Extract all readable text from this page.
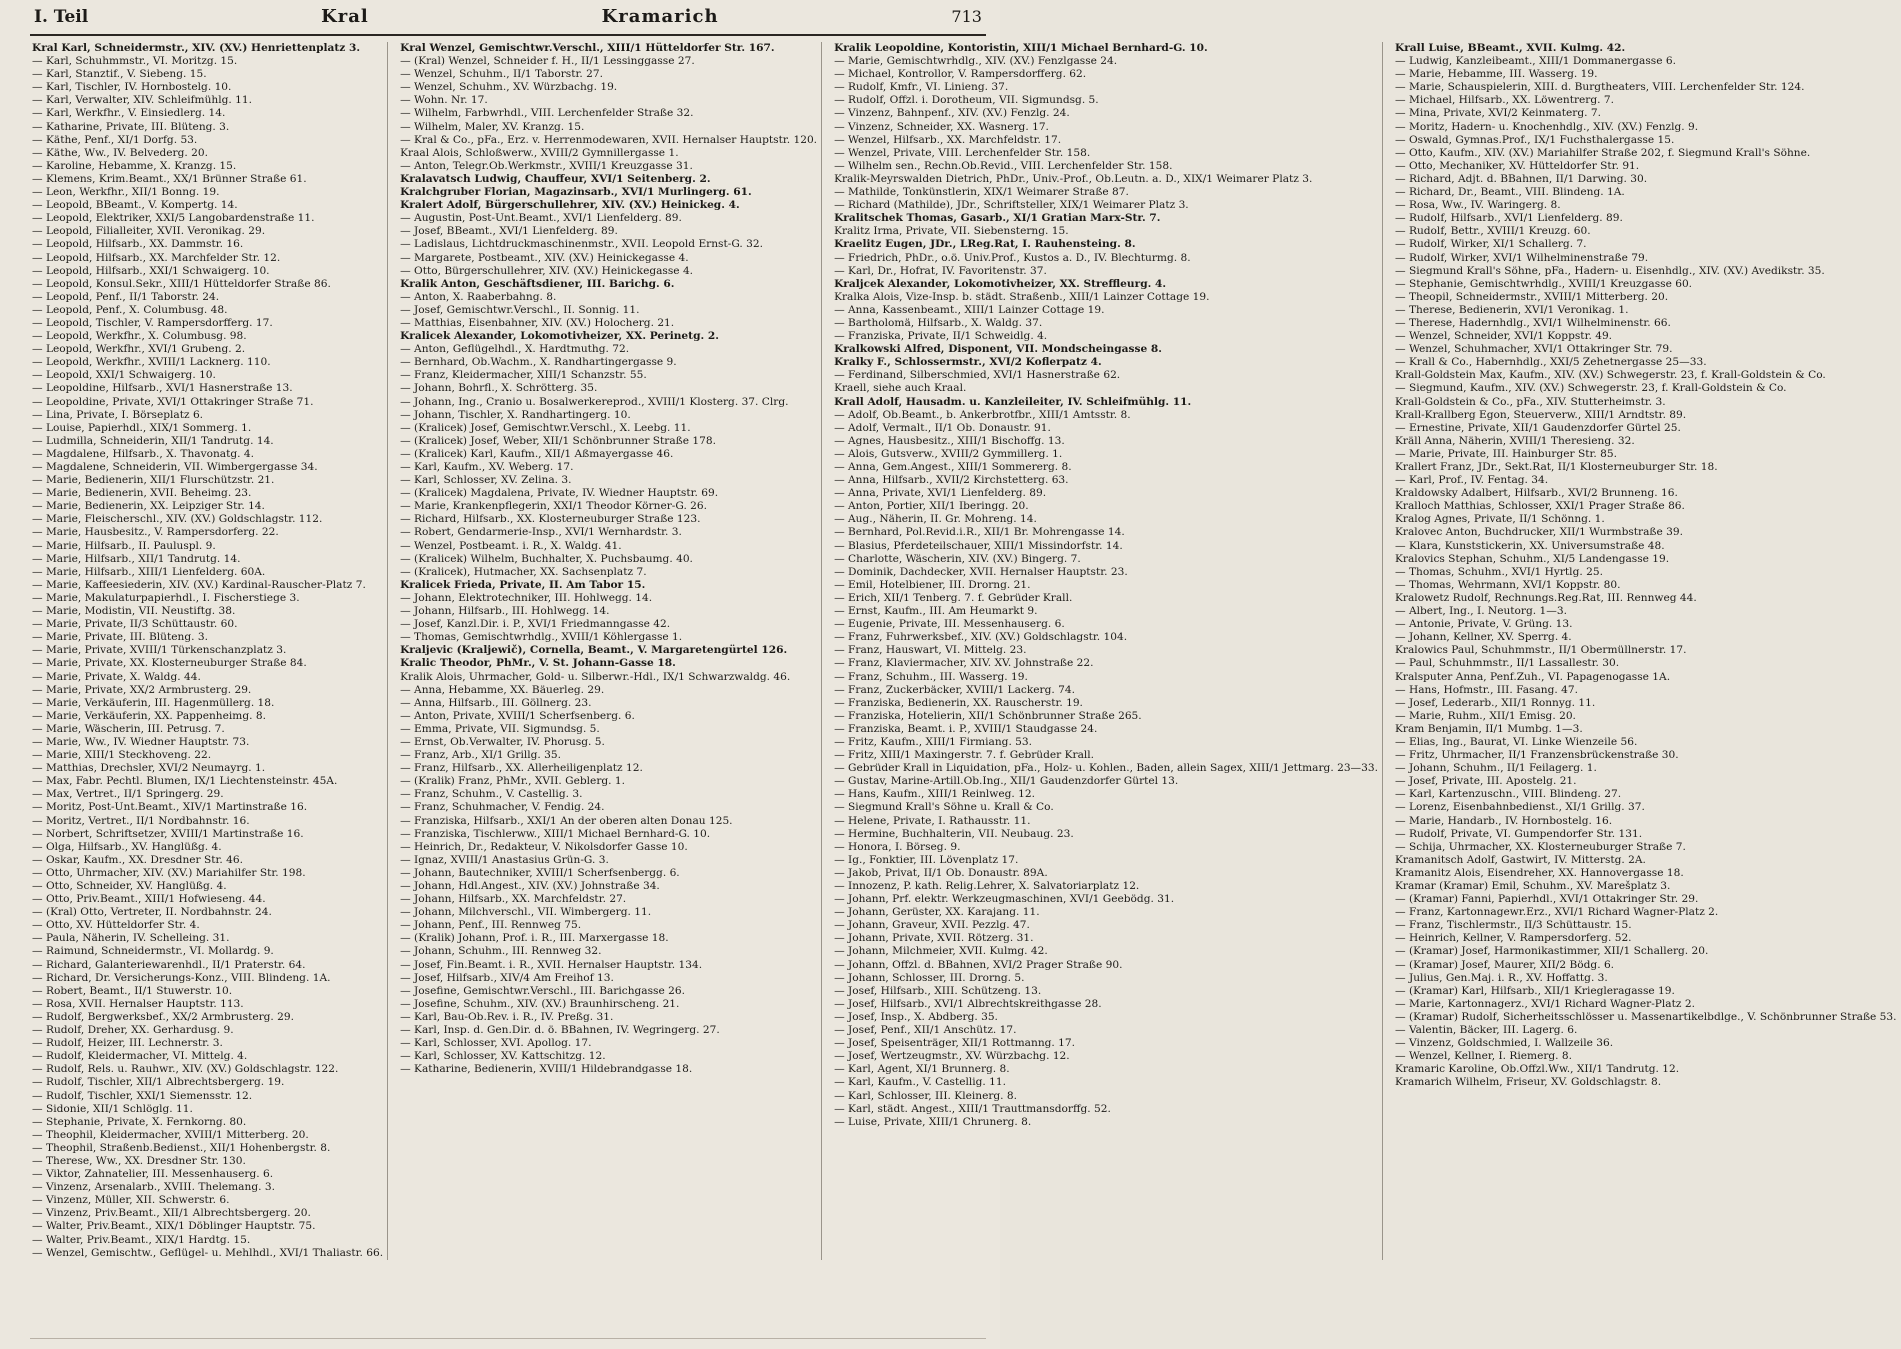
I. Teil	Kral	Kramarich	713
Kral Karl, Schneidermstr., XIV. (XV.) Henriettenplatz 3.
— Karl, Schuhmmstr., VI. Moritzg. 15.
— Karl, Stanztif., V. Siebeng. 15.
— Karl, Tischler, IV. Hornbostelg. 10.
— Karl, Verwalter, XIV. Schleifmühlg. 11.
— Karl, Werkfhr., V. Einsiedlerg. 14.
— Katharine, Private, III. Blüteng. 3.
— Käthe, Penf., XI/1 Dorfg. 53.
— Käthe, Ww., IV. Belvederg. 20.
— Karoline, Hebamme, X. Kranzg. 15.
— Klemens, Krim.Beamt., XX/1 Brünner Straße 61.
— Leon, Werkfhr., XII/1 Bonng. 19.
— Leopold, BBeamt., V. Kompertg. 14.
— Leopold, Elektriker, XXI/5 Langobardenstraße 11.
— Leopold, Filialleiter, XVII. Veronikag. 29.
— Leopold, Hilfsarb., XX. Dammstr. 16.
— Leopold, Hilfsarb., XX. Marchfelder Str. 12.
— Leopold, Hilfsarb., XXI/1 Schwaigerg. 10.
— Leopold, Konsul.Sekr., XIII/1 Hütteldorfer Straße 86.
— Leopold, Penf., II/1 Taborstr. 24.
— Leopold, Penf., X. Columbusg. 48.
— Leopold, Tischler, V. Rampersdorfferg. 17.
— Leopold, Werkfhr., X. Columbusg. 98.
— Leopold, Werkfhr., XVI/1 Grubeng. 2.
— Leopold, Werkfhr., XVIII/1 Lacknerg. 110.
— Leopold, XXI/1 Schwaigerg. 10.
— Leopoldine, Hilfsarb., XVI/1 Hasnerstraße 13.
— Leopoldine, Private, XVI/1 Ottakringer Straße 71.
— Lina, Private, I. Börseplatz 6.
— Louise, Papierhdl., XIX/1 Sommerg. 1.
— Ludmilla, Schneiderin, XII/1 Tandrutg. 14.
— Magdalene, Hilfsarb., X. Thavonatg. 4.
— Magdalene, Schneiderin, VII. Wimbergergasse 34.
— Marie, Bedienerin, XII/1 Flurschützstr. 21.
— Marie, Bedienerin, XVII. Beheimg. 23.
— Marie, Bedienerin, XX. Leipziger Str. 14.
— Marie, Fleischerschl., XIV. (XV.) Goldschlagstr. 112.
— Marie, Hausbesitz., V. Rampersdorferg. 22.
— Marie, Hilfsarb., II. Pauluspl. 9.
— Marie, Hilfsarb., XII/1 Tandrutg. 14.
— Marie, Hilfsarb., XIII/1 Lienfelderg. 60A.
— Marie, Kaffeesiederin, XIV. (XV.) Kardinal-Rauscher-Platz 7.
— Marie, Makulaturpapierhdl., I. Fischerstiege 3.
— Marie, Modistin, VII. Neustiftg. 38.
— Marie, Private, II/3 Schüttaustr. 60.
— Marie, Private, III. Blüteng. 3.
— Marie, Private, XVIII/1 Türkenschanzplatz 3.
— Marie, Private, XX. Klosterneuburger Straße 84.
— Marie, Private, X. Waldg. 44.
— Marie, Private, XX/2 Armbrusterg. 29.
— Marie, Verkäuferin, III. Hagenmüllerg. 18.
— Marie, Verkäuferin, XX. Pappenheimg. 8.
— Marie, Wäscherin, III. Petrusg. 7.
— Marie, Ww., IV. Wiedner Hauptstr. 73.
— Marie, XIII/1 Steckhoveng. 22.
— Matthias, Drechsler, XVI/2 Neumayrg. 1.
— Max, Fabr. Pechtl. Blumen, IX/1 Liechtensteinstr. 45A.
— Max, Vertret., II/1 Springerg. 29.
— Moritz, Post-Unt.Beamt., XIV/1 Martinstraße 16.
— Moritz, Vertret., II/1 Nordbahnstr. 16.
— Norbert, Schriftsetzer, XVIII/1 Martinstraße 16.
— Olga, Hilfsarb., XV. Hanglüßg. 4.
— Oskar, Kaufm., XX. Dresdner Str. 46.
— Otto, Uhrmacher, XIV. (XV.) Mariahilfer Str. 198.
— Otto, Schneider, XV. Hanglüßg. 4.
— Otto, Priv.Beamt., XIII/1 Hofwieseng. 44.
— (Kral) Otto, Vertreter, II. Nordbahnstr. 24.
— Otto, XV. Hütteldorfer Str. 4.
— Paula, Näherin, IV. Schelleing. 31.
— Raimund, Schneidermstr., VI. Mollardg. 9.
— Richard, Galanteriewarenhdl., II/1 Praterstr. 64.
— Richard, Dr. Versicherungs-Konz., VIII. Blindeng. 1A.
— Robert, Beamt., II/1 Stuwerstr. 10.
— Rosa, XVII. Hernalser Hauptstr. 113.
— Rudolf, Bergwerksbef., XX/2 Armbrusterg. 29.
— Rudolf, Dreher, XX. Gerhardusg. 9.
— Rudolf, Heizer, III. Lechnerstr. 3.
— Rudolf, Kleidermacher, VI. Mittelg. 4.
— Rudolf, Rels. u. Rauhwr., XIV. (XV.) Goldschlagstr. 122.
— Rudolf, Tischler, XII/1 Albrechtsbergerg. 19.
— Rudolf, Tischler, XXI/1 Siemensstr. 12.
— Sidonie, XII/1 Schlöglg. 11.
— Stephanie, Private, X. Fernkorng. 80.
— Theophil, Kleidermacher, XVIII/1 Mitterberg. 20.
— Theophil, Straßenb.Bedienst., XII/1 Hohenbergstr. 8.
— Therese, Ww., XX. Dresdner Str. 130.
— Viktor, Zahnatelier, III. Messenhauserg. 6.
— Vinzenz, Arsenalarb., XVIII. Thelemang. 3.
— Vinzenz, Müller, XII. Schwerstr. 6.
— Vinzenz, Priv.Beamt., XII/1 Albrechtsbergerg. 20.
— Walter, Priv.Beamt., XIX/1 Döblinger Hauptstr. 75.
— Walter, Priv.Beamt., XIX/1 Hardtg. 15.
— Wenzel, Gemischtw., Geflügel- u. Mehlhdl., XVI/1 Thaliastr. 66.
Kral Wenzel, Gemischtwr.Verschl., XIII/1 Hütteldorfer Str. 167.
— (Kral) Wenzel, Schneider f. H., II/1 Lessinggasse 27.
— Wenzel, Schuhm., II/1 Taborstr. 27.
— Wenzel, Schuhm., XV. Würzbachg. 19.
— Wohn. Nr. 17.
— Wilhelm, Farbwrhdl., VIII. Lerchenfelder Straße 32.
— Wilhelm, Maler, XV. Kranzg. 15.
— Kral & Co., pFa., Erz. v. Herrenmodewaren, XVII. Hernalser Hauptstr. 120.
Kraal Alois, Schloßwerw., XVIII/2 Gymnillergasse 1.
— Anton, Telegr.Ob.Werkmstr., XVIII/1 Kreuzgasse 31.
Kralavatsch Ludwig, Chauffeur, XVI/1 Seitenberg. 2.
Kralchgruber Florian, Magazinsarb., XVI/1 Murlingerg. 61.
Kralert Adolf, Bürgerschullehrer, XIV. (XV.) Heinickeg. 4.
— Augustin, Post-Unt.Beamt., XVI/1 Lienfelderg. 89.
— Josef, BBeamt., XVI/1 Lienfelderg. 89.
— Ladislaus, Lichtdruckmaschinenmstr., XVII. Leopold Ernst-G. 32.
— Margarete, Postbeamt., XIV. (XV.) Heinickegasse 4.
— Otto, Bürgerschullehrer, XIV. (XV.) Heinickegasse 4.
Kralik Anton, Geschäftsdiener, III. Barichg. 6.
— Anton, X. Raaberbahng. 8.
— Josef, Gemischtwr.Verschl., II. Sonnig. 11.
— Matthias, Eisenbahner, XIV. (XV.) Holocherg. 21.
Kralicek Alexander, Lokomotivheizer, XX. Perinetg. 2.
— Anton, Geflügelhdl., X. Hardtmuthg. 72.
— Bernhard, Ob.Wachm., X. Randhartingergasse 9.
— Franz, Kleidermacher, XIII/1 Schanzstr. 55.
— Johann, Bohrfl., X. Schrötterg. 35.
— Johann, Ing., Cranio u. Bosalwerkereprod., XVIII/1 Klosterg. 37. Clrg.
— Johann, Tischler, X. Randhartingerg. 10.
— (Kralicek) Josef, Gemischtwr.Verschl., X. Leebg. 11.
— (Kralicek) Josef, Weber, XII/1 Schönbrunner Straße 178.
— (Kralicek) Karl, Kaufm., XII/1 Aßmayergasse 46.
— Karl, Kaufm., XV. Weberg. 17.
— Karl, Schlosser, XV. Zelina. 3.
— (Kralicek) Magdalena, Private, IV. Wiedner Hauptstr. 69.
— Marie, Krankenpflegerin, XXI/1 Theodor Körner-G. 26.
— Richard, Hilfsarb., XX. Klosterneuburger Straße 123.
— Robert, Gendarmerie-Insp., XVI/1 Wernhardstr. 3.
— Wenzel, Postbeamt. i. R., X. Waldg. 41.
— (Kralicek) Wilhelm, Buchhalter, X. Puchsbaumg. 40.
— (Kralicek), Hutmacher, XX. Sachsenplatz 7.
Kralicek Frieda, Private, II. Am Tabor 15.
— Johann, Elektrotechniker, III. Hohlwegg. 14.
— Johann, Hilfsarb., III. Hohlwegg. 14.
— Josef, Kanzl.Dir. i. P., XVI/1 Friedmanngasse 42.
— Thomas, Gemischtwrhdlg., XVIII/1 Köhlergasse 1.
Kraljevic (Kraljewič), Cornella, Beamt., V. Margaretengürtel 126.
Kralic Theodor, PhMr., V. St. Johann-Gasse 18.
Kralik Alois, Uhrmacher, Gold- u. Silberwr.-Hdl., IX/1 Schwarzwaldg. 46.
— Anna, Hebamme, XX. Bäuerleg. 29.
— Anna, Hilfsarb., III. Göllnerg. 23.
— Anton, Private, XVIII/1 Scherfsenberg. 6.
— Emma, Private, VII. Sigmundsg. 5.
— Ernst, Ob.Verwalter, IV. Phorusg. 5.
— Franz, Arb., XI/1 Grillg. 35.
— Franz, Hilfsarb., XX. Allerheiligenplatz 12.
— (Kralik) Franz, PhMr., XVII. Geblerg. 1.
— Franz, Schuhm., V. Castellig. 3.
— Franz, Schuhmacher, V. Fendig. 24.
— Franziska, Hilfsarb., XXI/1 An der oberen alten Donau 125.
— Franziska, Tischlerww., XIII/1 Michael Bernhard-G. 10.
— Heinrich, Dr., Redakteur, V. Nikolsdorfer Gasse 10.
— Ignaz, XVIII/1 Anastasius Grün-G. 3.
— Johann, Bautechniker, XVIII/1 Scherfsenbergg. 6.
— Johann, Hdl.Angest., XIV. (XV.) Johnstraße 34.
— Johann, Hilfsarb., XX. Marchfeldstr. 27.
— Johann, Milchverschl., VII. Wimbergerg. 11.
— Johann, Penf., III. Rennweg 75.
— (Kralik) Johann, Prof. i. R., III. Marxergasse 18.
— Johann, Schuhm., III. Rennweg 32.
— Josef, Fin.Beamt. i. R., XVII. Hernalser Hauptstr. 134.
— Josef, Hilfsarb., XIV/4 Am Freihof 13.
— Josefine, Gemischtwr.Verschl., III. Barichgasse 26.
— Josefine, Schuhm., XIV. (XV.) Braunhirscheng. 21.
— Karl, Bau-Ob.Rev. i. R., IV. Preßg. 31.
— Karl, Insp. d. Gen.Dir. d. ö. BBahnen, IV. Wegringerg. 27.
— Karl, Schlosser, XVI. Apollog. 17.
— Karl, Schlosser, XV. Kattschitzg. 12.
— Katharine, Bedienerin, XVIII/1 Hildebrandgasse 18.
Kralik Leopoldine, Kontoristin, XIII/1 Michael Bernhard-G. 10.
— Marie, Gemischtwrhdlg., XIV. (XV.) Fenzlgasse 24.
— Michael, Kontrollor, V. Rampersdorfferg. 62.
— Rudolf, Kmfr., VI. Linieng. 37.
— Rudolf, Offzl. i. Dorotheum, VII. Sigmundsg. 5.
— Vinzenz, Bahnpenf., XIV. (XV.) Fenzlg. 24.
— Vinzenz, Schneider, XX. Wasnerg. 17.
— Wenzel, Hilfsarb., XX. Marchfeldstr. 17.
— Wenzel, Private, VIII. Lerchenfelder Str. 158.
— Wilhelm sen., Rechn.Ob.Revid., VIII. Lerchenfelder Str. 158.
Kralik-Meyrswalden Dietrich, PhDr., Univ.-Prof., Ob.Leutn. a. D., XIX/1 Weimarer Platz 3.
— Mathilde, Tonkünstlerin, XIX/1 Weimarer Straße 87.
— Richard (Mathilde), JDr., Schriftsteller, XIX/1 Weimarer Platz 3.
Kralitschek Thomas, Gasarb., XI/1 Gratian Marx-Str. 7.
Kralitz Irma, Private, VII. Siebensterng. 15.
Kraelitz Eugen, JDr., LReg.Rat, I. Rauhensteing. 8.
— Friedrich, PhDr., o.ö. Univ.Prof., Kustos a. D., IV. Blechturmg. 8.
— Karl, Dr., Hofrat, IV. Favoritenstr. 37.
Kraljcek Alexander, Lokomotivheizer, XX. Streffleurg. 4.
Kralka Alois, Vize-Insp. b. städt. Straßenb., XIII/1 Lainzer Cottage 19.
— Anna, Kassenbeamt., XIII/1 Lainzer Cottage 19.
— Bartholomä, Hilfsarb., X. Waldg. 37.
— Franziska, Private, II/1 Schweidlg. 4.
Kralkowski Alfred, Disponent, VII. Mondscheingasse 8.
Kralky F., Schlossermstr., XVI/2 Koflerpatz 4.
— Ferdinand, Silberschmied, XVI/1 Hasnerstraße 62.
Kraell, siehe auch Kraal.
Krall Adolf, Hausadm. u. Kanzleileiter, IV. Schleifmühlg. 11.
— Adolf, Ob.Beamt., b. Ankerbrotfbr., XIII/1 Amtsstr. 8.
— Adolf, Vermalt., II/1 Ob. Donaustr. 91.
— Agnes, Hausbesitz., XIII/1 Bischoffg. 13.
— Alois, Gutsverw., XVIII/2 Gymmillerg. 1.
— Anna, Gem.Angest., XIII/1 Sommererg. 8.
— Anna, Hilfsarb., XVII/2 Kirchstetterg. 63.
— Anna, Private, XVI/1 Lienfelderg. 89.
— Anton, Portier, XII/1 Iberingg. 20.
— Aug., Näherin, II. Gr. Mohreng. 14.
— Bernhard, Pol.Revid.i.R., XII/1 Br. Mohrengasse 14.
— Blasius, Pferdeteilschauer, XIII/1 Missindorfstr. 14.
— Charlotte, Wäscherin, XIV. (XV.) Bingerg. 7.
— Dominik, Dachdecker, XVII. Hernalser Hauptstr. 23.
— Emil, Hotelbiener, III. Drorng. 21.
— Erich, XII/1 Tenberg. 7. f. Gebrüder Krall.
— Ernst, Kaufm., III. Am Heumarkt 9.
— Eugenie, Private, III. Messenhauserg. 6.
— Franz, Fuhrwerksbef., XIV. (XV.) Goldschlagstr. 104.
— Franz, Hauswart, VI. Mittelg. 23.
— Franz, Klaviermacher, XIV. XV. Johnstraße 22.
— Franz, Schuhm., III. Wasserg. 19.
— Franz, Zuckerbäcker, XVIII/1 Lackerg. 74.
— Franziska, Bedienerin, XX. Rauscherstr. 19.
— Franziska, Hotelierin, XII/1 Schönbrunner Straße 265.
— Franziska, Beamt. i. P., XVIII/1 Staudgasse 24.
— Fritz, Kaufm., XIII/1 Firmiang. 53.
— Fritz, XIII/1 Maxingerstr. 7. f. Gebrüder Krall.
— Gebrüder Krall in Liquidation, pFa., Holz- u. Kohlen., Baden, allein Sagex, XIII/1 Jettmarg. 23—33.
— Gustav, Marine-Artill.Ob.Ing., XII/1 Gaudenzdorfer Gürtel 13.
— Hans, Kaufm., XIII/1 Reinlweg. 12.
— Siegmund Krall's Söhne u. Krall & Co.
— Helene, Private, I. Rathausstr. 11.
— Hermine, Buchhalterin, VII. Neubaug. 23.
— Honora, I. Börseg. 9.
— Ig., Fonktier, III. Lövenplatz 17.
— Jakob, Privat, II/1 Ob. Donaustr. 89A.
— Innozenz, P. kath. Relig.Lehrer, X. Salvatoriarplatz 12.
— Johann, Prf. elektr. Werkzeugmaschinen, XVI/1 Geebödg. 31.
— Johann, Gerüster, XX. Karajang. 11.
— Johann, Graveur, XVII. Pezzlg. 47.
— Johann, Private, XVII. Rötzerg. 31.
— Johann, Milchmeier, XVII. Kulmg. 42.
— Johann, Offzl. d. BBahnen, XVI/2 Prager Straße 90.
— Johann, Schlosser, III. Drorng. 5.
— Josef, Hilfsarb., XIII. Schützeng. 13.
— Josef, Hilfsarb., XVI/1 Albrechtskreithgasse 28.
— Josef, Insp., X. Abdberg. 35.
— Josef, Penf., XII/1 Anschütz. 17.
— Josef, Speisenträger, XII/1 Rottmanng. 17.
— Josef, Wertzeugmstr., XV. Würzbachg. 12.
— Karl, Agent, XI/1 Brunnerg. 8.
— Karl, Kaufm., V. Castellig. 11.
— Karl, Schlosser, III. Kleinerg. 8.
— Karl, städt. Angest., XIII/1 Trauttmansdorffg. 52.
— Luise, Private, XIII/1 Chrunerg. 8.
Krall Luise, BBeamt., XVII. Kulmg. 42.
— Ludwig, Kanzleibeamt., XIII/1 Dommanergasse 6.
— Marie, Hebamme, III. Wasserg. 19.
— Marie, Schauspielerin, XIII. d. Burgtheaters, VIII. Lerchenfelder Str. 124.
— Michael, Hilfsarb., XX. Löwentrerg. 7.
— Mina, Private, XVI/2 Keinmaterg. 7.
— Moritz, Hadern- u. Knochenhdlg., XIV. (XV.) Fenzlg. 9.
— Oswald, Gymnas.Prof., IX/1 Fuchsthalergasse 15.
— Otto, Kaufm., XIV. (XV.) Mariahilfer Straße 202, f. Siegmund Krall's Söhne.
— Otto, Mechaniker, XV. Hütteldorfer Str. 91.
— Richard, Adjt. d. BBahnen, II/1 Darwing. 30.
— Richard, Dr., Beamt., VIII. Blindeng. 1A.
— Rosa, Ww., IV. Waringerg. 8.
— Rudolf, Hilfsarb., XVI/1 Lienfelderg. 89.
— Rudolf, Bettr., XVIII/1 Kreuzg. 60.
— Rudolf, Wirker, XI/1 Schallerg. 7.
— Rudolf, Wirker, XVI/1 Wilhelminenstraße 79.
— Siegmund Krall's Söhne, pFa., Hadern- u. Eisenhdlg., XIV. (XV.) Avedikstr. 35.
— Stephanie, Gemischtwrhdlg., XVIII/1 Kreuzgasse 60.
— Theopil, Schneidermstr., XVIII/1 Mitterberg. 20.
— Therese, Bedienerin, XVI/1 Veronikag. 1.
— Therese, Hadernhdlg., XVI/1 Wilhelminenstr. 66.
— Wenzel, Schneider, XVI/1 Koppstr. 49.
— Wenzel, Schuhmacher, XVI/1 Ottakringer Str. 79.
— Krall & Co., Habernhdlg., XXI/5 Zehetnergasse 25—33.
Krall-Goldstein Max, Kaufm., XIV. (XV.) Schwegerstr. 23, f. Krall-Goldstein & Co.
— Siegmund, Kaufm., XIV. (XV.) Schwegerstr. 23, f. Krall-Goldstein & Co.
Krall-Goldstein & Co., pFa., XIV. Stutterheimstr. 3.
Krall-Krallberg Egon, Steuerverw., XIII/1 Arndtstr. 89.
— Ernestine, Private, XII/1 Gaudenzdorfer Gürtel 25.
Kräll Anna, Näherin, XVIII/1 Theresieng. 32.
— Marie, Private, III. Hainburger Str. 85.
Krallert Franz, JDr., Sekt.Rat, II/1 Klosterneuburger Str. 18.
— Karl, Prof., IV. Fentag. 34.
Kraldowsky Adalbert, Hilfsarb., XVI/2 Brunneng. 16.
Kralloch Matthias, Schlosser, XXI/1 Prager Straße 86.
Kralog Agnes, Private, II/1 Schönng. 1.
Kralovec Anton, Buchdrucker, XII/1 Wurmbstraße 39.
— Klara, Kunststickerin, XX. Universumstraße 48.
Kralovics Stephan, Schuhm., XI/5 Landengasse 19.
— Thomas, Schuhm., XVI/1 Hyrtlg. 25.
— Thomas, Wehrmann, XVI/1 Koppstr. 80.
Kralowetz Rudolf, Rechnungs.Reg.Rat, III. Rennweg 44.
— Albert, Ing., I. Neutorg. 1—3.
— Antonie, Private, V. Grüng. 13.
— Johann, Kellner, XV. Sperrg. 4.
Kralowics Paul, Schuhmmstr., II/1 Obermüllnerstr. 17.
— Paul, Schuhmmstr., II/1 Lassallestr. 30.
Kralsputer Anna, Penf.Zuh., VI. Papagenogasse 1A.
— Hans, Hofmstr., III. Fasang. 47.
— Josef, Lederarb., XII/1 Ronnyg. 11.
— Marie, Ruhm., XII/1 Emisg. 20.
Kram Benjamin, II/1 Mumbg. 1—3.
— Elias, Ing., Baurat, VI. Linke Wienzeile 56.
— Fritz, Uhrmacher, II/1 Franzensbrückenstraße 30.
— Johann, Schuhm., II/1 Feilagerg. 1.
— Josef, Private, III. Apostelg. 21.
— Karl, Kartenzuschn., VIII. Blindeng. 27.
— Lorenz, Eisenbahnbedienst., XI/1 Grillg. 37.
— Marie, Handarb., IV. Hornbostelg. 16.
— Rudolf, Private, VI. Gumpendorfer Str. 131.
— Schija, Uhrmacher, XX. Klosterneuburger Straße 7.
Kramanitsch Adolf, Gastwirt, IV. Mitterstg. 2A.
Kramanitz Alois, Eisendreher, XX. Hannovergasse 18.
Kramar (Kramar) Emil, Schuhm., XV. Marešplatz 3.
— (Kramar) Fanni, Papierhdl., XVI/1 Ottakringer Str. 29.
— Franz, Kartonnagewr.Erz., XVI/1 Richard Wagner-Platz 2.
— Franz, Tischlermstr., II/3 Schüttaustr. 15.
— Heinrich, Kellner, V. Rampersdorferg. 52.
— (Kramar) Josef, Harmonikastimmer, XII/1 Schallerg. 20.
— (Kramar) Josef, Maurer, XII/2 Bödg. 6.
— Julius, Gen.Maj. i. R., XV. Hoffattg. 3.
— (Kramar) Karl, Hilfsarb., XII/1 Kriegleragasse 19.
— Marie, Kartonnagerz., XVI/1 Richard Wagner-Platz 2.
— (Kramar) Rudolf, Sicherheitsschlösser u. Massenartikelbdlge., V. Schönbrunner Straße 53.
— Valentin, Bäcker, III. Lagerg. 6.
— Vinzenz, Goldschmied, I. Wallzeile 36.
— Wenzel, Kellner, I. Riemerg. 8.
Kramaric Karoline, Ob.Offzl.Ww., XII/1 Tandrutg. 12.
Kramarich Wilhelm, Friseur, XV. Goldschlagstr. 8.
